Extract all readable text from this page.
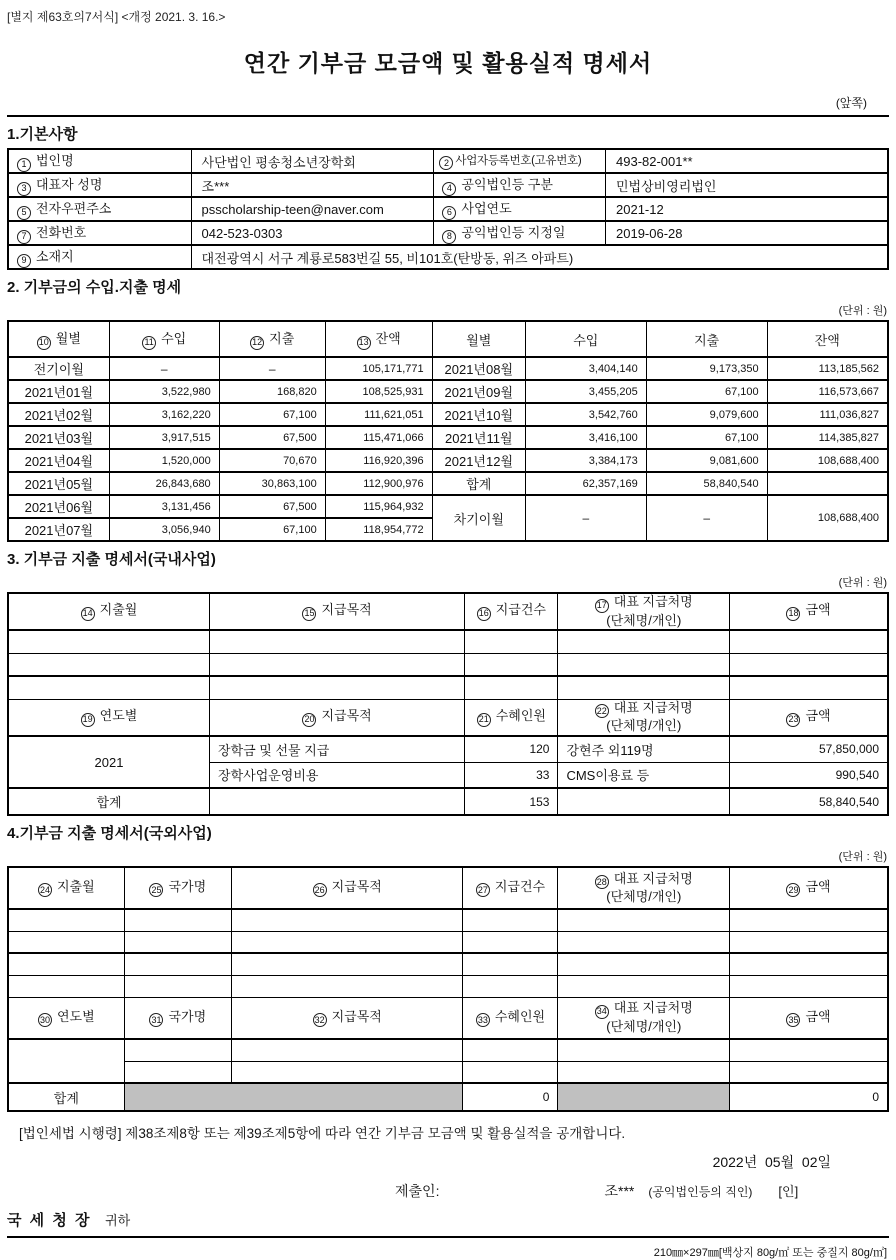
[별지 제63호의7서식] <개정 2021. 3. 16.>
연간 기부금 모금액 및 활용실적 명세서
(앞쪽)
1.기본사항
1 법인명	사단법인 평송청소년장학회	2 사업자등록번호(고유번호)	493-82-001**
3 대표자 성명	조***	4 공익법인등 구분	민법상비영리법인
5 전자우편주소	psscholarship-teen@naver.com	6 사업연도	2021-12
7 전화번호	042-523-0303	8 공익법인등 지정일	2019-06-28
9 소재지	대전광역시 서구 계룡로583번길 55, 비101호(탄방동, 위즈 아파트)		
2. 기부금의 수입.지출 명세
(단위 : 원)
10 월별	11 수입	12 지출	13 잔액	월별	수입	지출	잔액
전기이월	–	–	105,171,771	2021년08월	3,404,140	9,173,350	113,185,562
2021년01월	3,522,980	168,820	108,525,931	2021년09월	3,455,205	67,100	116,573,667
2021년02월	3,162,220	67,100	111,621,051	2021년10월	3,542,760	9,079,600	111,036,827
2021년03월	3,917,515	67,500	115,471,066	2021년11월	3,416,100	67,100	114,385,827
2021년04월	1,520,000	70,670	116,920,396	2021년12월	3,384,173	9,081,600	108,688,400
2021년05월	26,843,680	30,863,100	112,900,976	합계	62,357,169	58,840,540	
2021년06월	3,131,456	67,500	115,964,932	차기이월	–	–	108,688,400
2021년07월	3,056,940	67,100	118,954,772				
3. 기부금 지출 명세서(국내사업)
(단위 : 원)
14 지출월	15 지급목적	16 지급건수	17 대표 지급처명
(단체명/개인)	18 금액

19 연도별	20 지급목적	21 수혜인원	22 대표 지급처명
(단체명/개인)	23 금액
2021	장학금 및 선물 지급	120	강현주 외119명	57,850,000
	장학사업운영비용	33	CMS이용료 등	990,540
합계		153		58,840,540
4.기부금 지출 명세서(국외사업)
(단위 : 원)
24 지출월	25 국가명	26 지급목적	27 지급건수	28 대표 지급처명
(단체명/개인)	29 금액

30 연도별	31 국가명	32 지급목적	33 수혜인원	34 대표 지급처명
(단체명/개인)	35 금액

합계			0		0
[법인세법 시행령] 제38조제8항 또는 제39조제5항에 따라 연간 기부금 모금액 및 활용실적을 공개합니다.
2022년  05월  02일
제출인:	조*** (공익법인등의 직인) [인]
국 세 청 장 귀하
210㎜×297㎜[백상지 80g/㎡ 또는 중질지 80g/㎡]
